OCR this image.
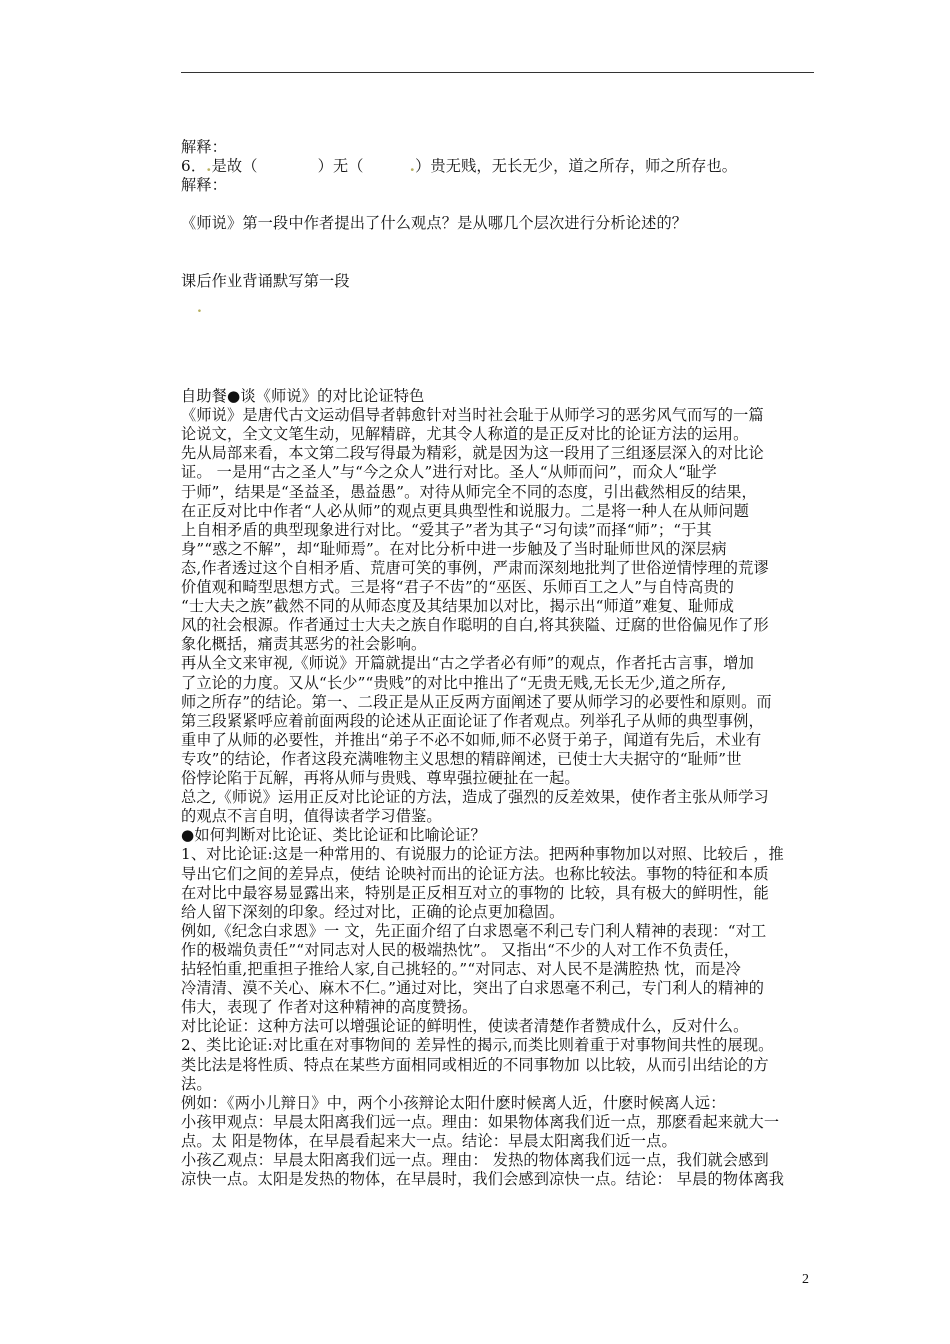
解释：
6．.是故（	）无（	.）贵无贱，无长无少，道之所存，师之所存也。
解释：
《师说》第一段中作者提出了什么观点？是从哪几个层次进行分析论述的？
课后作业背诵默写第一段
.
自助餐●谈《师说》的对比论证特色
《师说》是唐代古文运动倡导者韩愈针对当时社会耻于从师学习的恶劣风气而写的一篇
论说文，全文文笔生动，见解精辟，尤其令人称道的是正反对比的论证方法的运用。
先从局部来看，本文第二段写得最为精彩，就是因为这一段用了三组逐层深入的对比论
证。 一是用“古之圣人”与“今之众人”进行对比。圣人“从师而问”，而众人“耻学
于师”，结果是“圣益圣，愚益愚”。对待从师完全不同的态度，引出截然相反的结果，
在正反对比中作者“人必从师”的观点更具典型性和说服力。二是将一种人在从师问题
上自相矛盾的典型现象进行对比。“爱其子”者为其子“习句读”而择“师”；“于其
身”“惑之不解”，却“耻师焉”。在对比分析中进一步触及了当时耻师世风的深层病
态,作者透过这个自相矛盾、荒唐可笑的事例，严肃而深刻地批判了世俗逆情悖理的荒谬
价值观和畸型思想方式。三是将“君子不齿”的“巫医、乐师百工之人”与自恃高贵的
“士大夫之族”截然不同的从师态度及其结果加以对比，揭示出“师道”难复、耻师成
风的社会根源。作者通过士大夫之族自作聪明的自白,将其狭隘、迂腐的世俗偏见作了形
象化概括，痛责其恶劣的社会影响。
再从全文来审视,《师说》开篇就提出“古之学者必有师”的观点，作者托古言事，增加
了立论的力度。又从“长少”“贵贱”的对比中推出了“无贵无贱,无长无少,道之所存,
师之所存”的结论。第一、二段正是从正反两方面阐述了要从师学习的必要性和原则。而
第三段紧紧呼应着前面两段的论述从正面论证了作者观点。列举孔子从师的典型事例，
重申了从师的必要性，并推出“弟子不必不如师,师不必贤于弟子，闻道有先后，术业有
专攻”的结论，作者这段充满唯物主义思想的精辟阐述，已使士大夫据守的“耻师”世
俗悖论陷于瓦解，再将从师与贵贱、尊卑强拉硬扯在一起。
总之,《师说》运用正反对比论证的方法，造成了强烈的反差效果，使作者主张从师学习
的观点不言自明，值得读者学习借鉴。
●如何判断对比论证、类比论证和比喻论证？
1、对比论证:这是一种常用的、有说服力的论证方法。把两种事物加以对照、比较后 ，推
导出它们之间的差异点，使结 论映衬而出的论证方法。也称比较法。事物的特征和本质
在对比中最容易显露出来，特别是正反相互对立的事物的 比较，具有极大的鲜明性，能
给人留下深刻的印象。经过对比，正确的论点更加稳固。
例如,《纪念白求恩》一 文，先正面介绍了白求恩毫不利己专门利人精神的表现：“对工
作的极端负责任”“对同志对人民的极端热忱”。 又指出“不少的人对工作不负责任，
拈轻怕重,把重担子推给人家,自己挑轻的。”“对同志、对人民不是满腔热 忱，而是冷
冷清清、漠不关心、麻木不仁。”通过对比，突出了白求恩毫不利己，专门利人的精神的
伟大，表现了 作者对这种精神的高度赞扬。
对比论证：这种方法可以增强论证的鲜明性，使读者清楚作者赞成什么，反对什么。
2、类比论证:对比重在对事物间的 差异性的揭示,而类比则着重于对事物间共性的展现。
类比法是将性质、特点在某些方面相同或相近的不同事物加 以比较，从而引出结论的方
法。
例如：《两小儿辩日》中，两个小孩辩论太阳什麽时候离人近，什麽时候离人远：
小孩甲观点：早晨太阳离我们远一点。理由：如果物体离我们近一点，那麽看起来就大一
点。太 阳是物体，在早晨看起来大一点。结论：早晨太阳离我们近一点。
小孩乙观点：早晨太阳离我们远一点。理由： 发热的物体离我们远一点，我们就会感到
凉快一点。太阳是发热的物体，在早晨时，我们会感到凉快一点。结论： 早晨的物体离我
2
